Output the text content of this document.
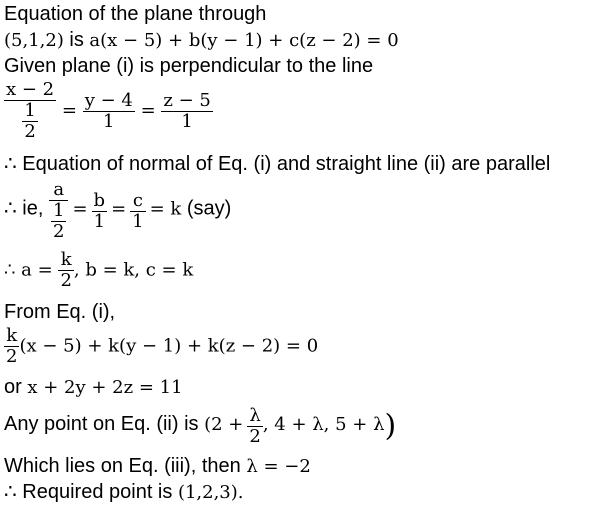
Equation of the plane through
(5,1,2) is a(x − 5) + b(y − 1) + c(z − 2) = 0
Given plane (i) is perpendicular to the line
$\frac{x - 2}{\frac{1}{2}} = \frac{y - 4}{1} = \frac{z - 5}{1}$
∴ Equation of normal of Eq. (i) and straight line (ii) are parallel
∴ ie, $\frac{a}{\frac{1}{2}} = \frac{b}{1} = \frac{c}{1} = k$ (say)
∴ $a = \frac{k}{2}$ , b = k, c = k
From Eq. (i),
$\frac{k}{2} (x - 5) + k(y - 1) + k(z - 2) = 0$
or x + 2y + 2z = 11
Any point on Eq. (ii) is ($2 + \frac{\lambda}{2}$ , 4 + λ, 5 + λ)
Which lies on Eq. (iii), then λ = −2
∴ Required point is (1,2,3).
